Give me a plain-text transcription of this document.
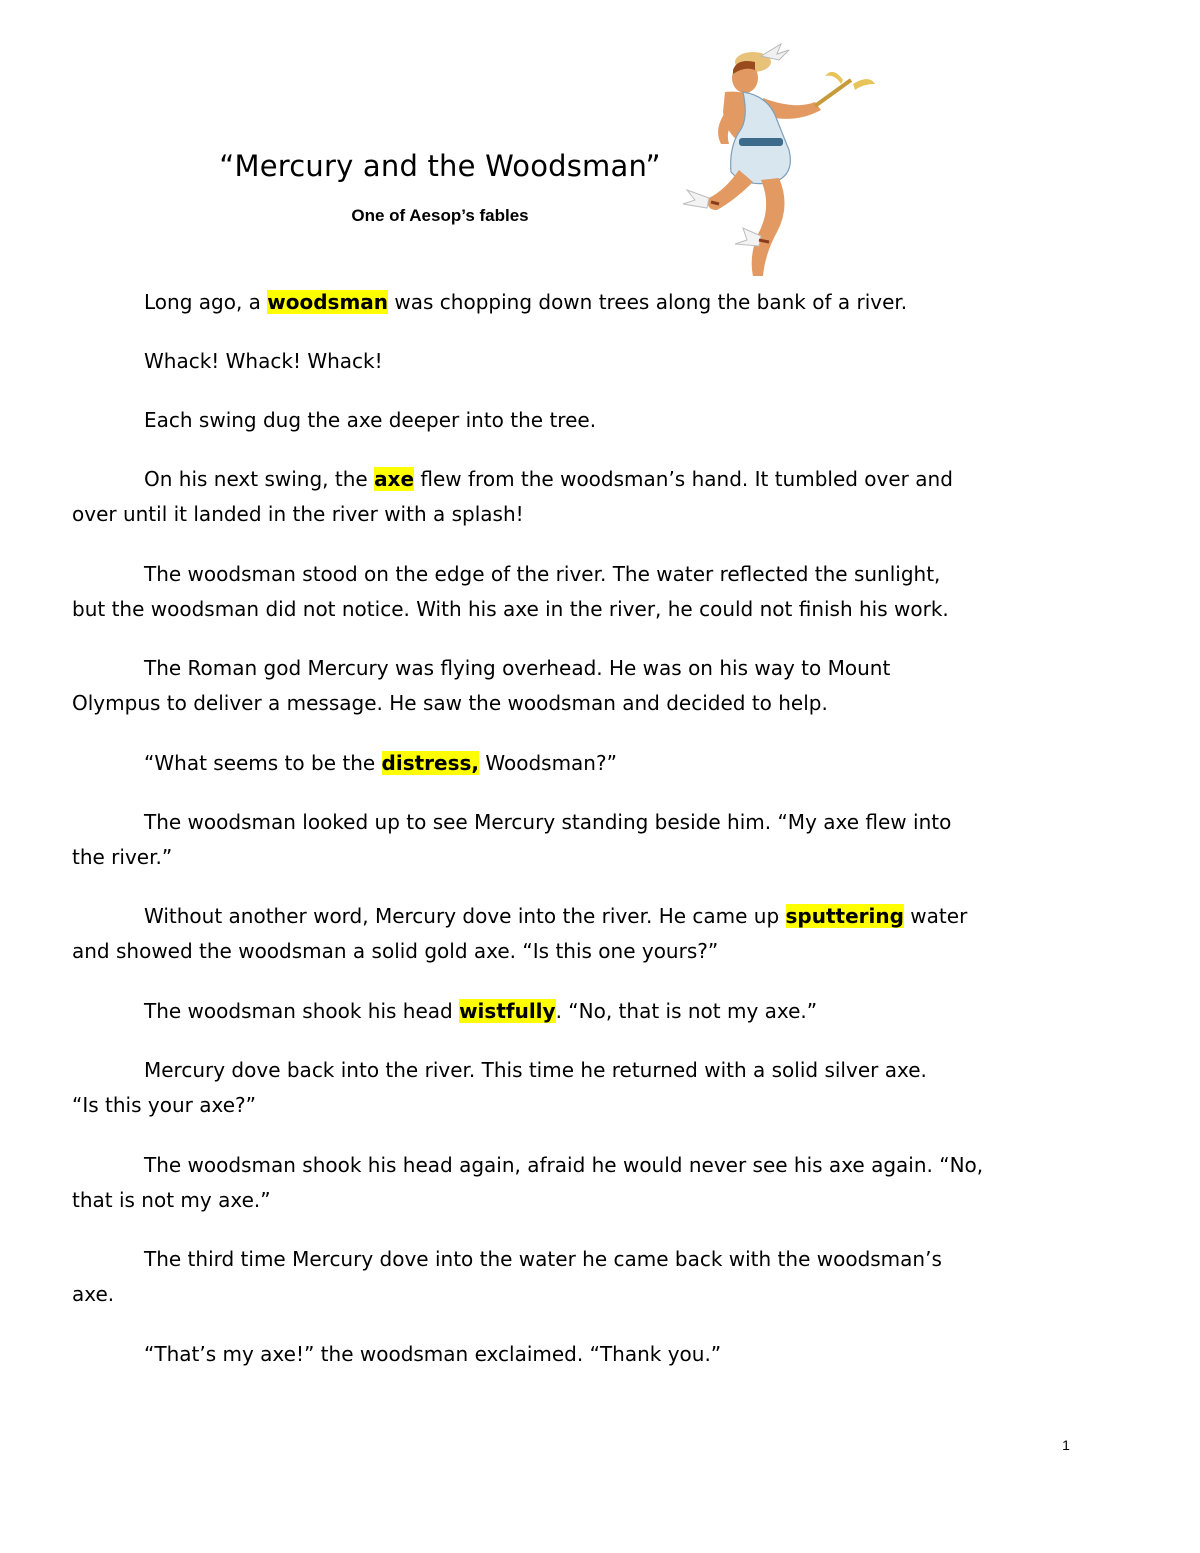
“Mercury and the Woodsman”
One of Aesop’s fables
Long ago, a woodsman was chopping down trees along the bank of a river.
Whack! Whack! Whack!
Each swing dug the axe deeper into the tree.
On his next swing, the axe flew from the woodsman’s hand. It tumbled over and
over until it landed in the river with a splash!
The woodsman stood on the edge of the river. The water reflected the sunlight,
but the woodsman did not notice. With his axe in the river, he could not finish his work.
The Roman god Mercury was flying overhead. He was on his way to Mount
Olympus to deliver a message. He saw the woodsman and decided to help.
“What seems to be the distress, Woodsman?”
The woodsman looked up to see Mercury standing beside him. “My axe flew into
the river.”
Without another word, Mercury dove into the river. He came up sputtering water
and showed the woodsman a solid gold axe. “Is this one yours?”
The woodsman shook his head wistfully. “No, that is not my axe.”
Mercury dove back into the river. This time he returned with a solid silver axe.
“Is this your axe?”
The woodsman shook his head again, afraid he would never see his axe again. “No,
that is not my axe.”
The third time Mercury dove into the water he came back with the woodsman’s
axe.
“That’s my axe!” the woodsman exclaimed. “Thank you.”
1
